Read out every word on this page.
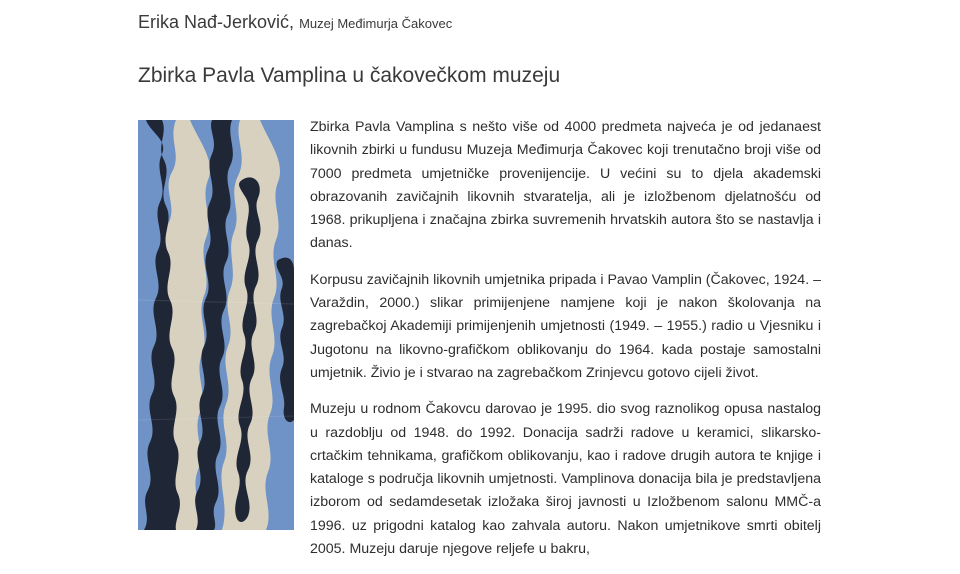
Erika Nađ-Jerković, Muzej Međimurja Čakovec
Zbirka Pavla Vamplina u čakovečkom muzeju

Zbirka Pavla Vamplina s nešto više od 4000 predmeta najveća je od jedanaest likovnih zbirki u fundusu Muzeja Međimurja Čakovec koji trenutačno broji više od 7000 predmeta umjetničke provenijencije. U većini su to djela akademski obrazovanih zavičajnih likovnih stvaratelja, ali je izložbenom djelatnošću od 1968. prikupljena i značajna zbirka suvremenih hrvatskih autora što se nastavlja i danas.

Korpusu zavičajnih likovnih umjetnika pripada i Pavao Vamplin (Čakovec, 1924. – Varaždin, 2000.) slikar primijenjene namjene koji je nakon školovanja na zagrebačkoj Akademiji primijenjenih umjetnosti (1949. – 1955.) radio u Vjesniku i Jugotonu na likovno-grafičkom oblikovanju do 1964. kada postaje samostalni umjetnik. Živio je i stvarao na zagrebačkom Zrinjevcu gotovo cijeli život.

Muzeju u rodnom Čakovcu darovao je 1995. dio svog raznolikog opusa nastalog u razdoblju od 1948. do 1992. Donacija sadrži radove u keramici, slikarsko-crtačkim tehnikama, grafičkom oblikovanju, kao i radove drugih autora te knjige i kataloge s područja likovnih umjetnosti. Vamplinova donacija bila je predstavljena izborom od sedamdesetak izložaka široj javnosti u Izložbenom salonu MMČ-a 1996. uz prigodni katalog kao zahvala autoru. Nakon umjetnikove smrti obitelj 2005. Muzeju daruje njegove reljefe u bakru,
